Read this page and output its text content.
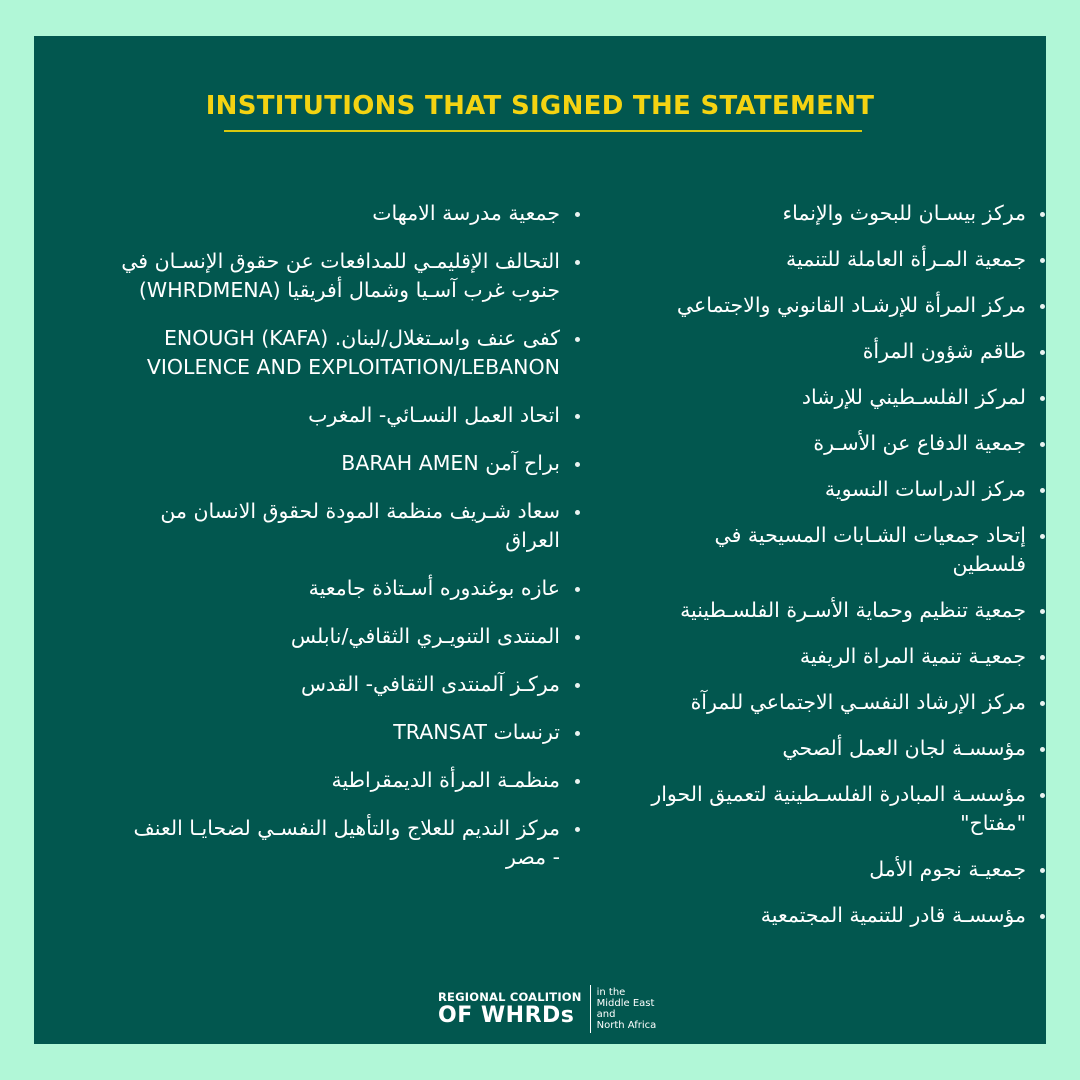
INSTITUTIONS THAT SIGNED THE STATEMENT
مركز بيسـان للبحوث والإنماء
جمعية المـرأة العاملة للتنمية
مركز المرأة للإرشـاد القانوني والاجتماعي
طاقم شؤون المرأة
لمركز الفلسـطيني للإرشاد
جمعية الدفاع عن الأسـرة
مركز الدراسات النسوية
إتحاد جمعيات الشـابات المسيحية في فلسطين
جمعية تنظيم وحماية الأسـرة الفلسـطينية
جمعيـة تنمية المراة الريفية
مركز الإرشاد النفسـي الاجتماعي للمرآة
مؤسسـة لجان العمل ألصحي
مؤسسـة المبادرة الفلسـطينية لتعميق الحوار "مفتاح"
جمعيـة نجوم الأمل
مؤسسـة قادر للتنمية المجتمعية
جمعية مدرسة الامهات
التحالف الإقليمـي للمدافعات عن حقوق الإنسـان في جنوب غرب آسـيا وشمال أفريقيا (WHRDMENA)
كفى عنف واسـتغلال/لبنان. (KAFA) ENOUGH VIOLENCE AND EXPLOITATION/LEBANON
اتحاد العمل النسـائي- المغرب
براح آمن BARAH AMEN
سعاد شـريف منظمة المودة لحقوق الانسان من العراق
عازه بوغندوره أسـتاذة جامعية
المنتدى التنويـري الثقافي/نابلس
مركـز آلمنتدى الثقافي- القدس
ترنسات TRANSAT
منظمـة المرأة الديمقراطية
مركز النديم للعلاج والتأهيل النفسـي لضحايـا العنف - مصر
REGIONAL COALITION
OF WHRDs
in the
Middle East
and
North Africa
